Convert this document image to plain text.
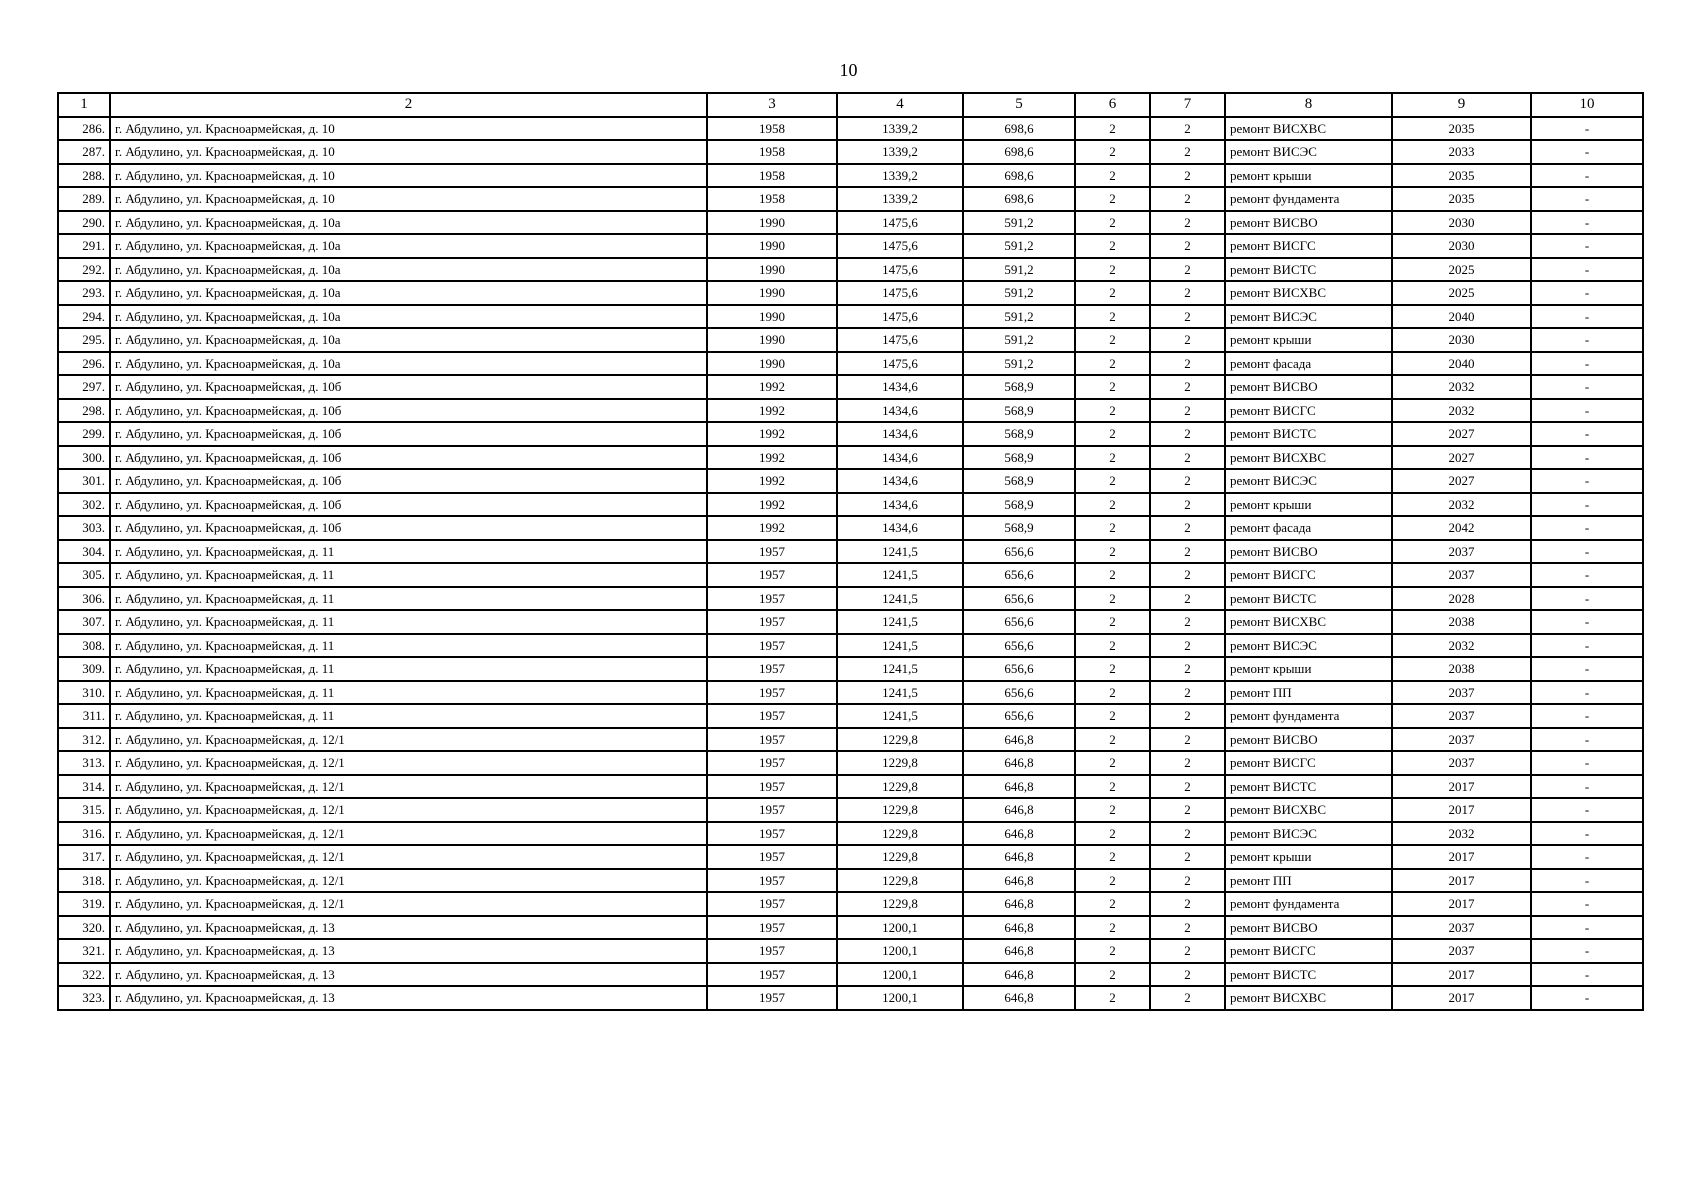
10
1	2	3	4	5	6	7	8	9	10
286.	г. Абдулино, ул. Красноармейская, д. 10	1958	1339,2	698,6	2	2	ремонт ВИСХВС	2035	-
287.	г. Абдулино, ул. Красноармейская, д. 10	1958	1339,2	698,6	2	2	ремонт ВИСЭС	2033	-
288.	г. Абдулино, ул. Красноармейская, д. 10	1958	1339,2	698,6	2	2	ремонт крыши	2035	-
289.	г. Абдулино, ул. Красноармейская, д. 10	1958	1339,2	698,6	2	2	ремонт фундамента	2035	-
290.	г. Абдулино, ул. Красноармейская, д. 10а	1990	1475,6	591,2	2	2	ремонт ВИСВО	2030	-
291.	г. Абдулино, ул. Красноармейская, д. 10а	1990	1475,6	591,2	2	2	ремонт ВИСГС	2030	-
292.	г. Абдулино, ул. Красноармейская, д. 10а	1990	1475,6	591,2	2	2	ремонт ВИСТС	2025	-
293.	г. Абдулино, ул. Красноармейская, д. 10а	1990	1475,6	591,2	2	2	ремонт ВИСХВС	2025	-
294.	г. Абдулино, ул. Красноармейская, д. 10а	1990	1475,6	591,2	2	2	ремонт ВИСЭС	2040	-
295.	г. Абдулино, ул. Красноармейская, д. 10а	1990	1475,6	591,2	2	2	ремонт крыши	2030	-
296.	г. Абдулино, ул. Красноармейская, д. 10а	1990	1475,6	591,2	2	2	ремонт фасада	2040	-
297.	г. Абдулино, ул. Красноармейская, д. 10б	1992	1434,6	568,9	2	2	ремонт ВИСВО	2032	-
298.	г. Абдулино, ул. Красноармейская, д. 10б	1992	1434,6	568,9	2	2	ремонт ВИСГС	2032	-
299.	г. Абдулино, ул. Красноармейская, д. 10б	1992	1434,6	568,9	2	2	ремонт ВИСТС	2027	-
300.	г. Абдулино, ул. Красноармейская, д. 10б	1992	1434,6	568,9	2	2	ремонт ВИСХВС	2027	-
301.	г. Абдулино, ул. Красноармейская, д. 10б	1992	1434,6	568,9	2	2	ремонт ВИСЭС	2027	-
302.	г. Абдулино, ул. Красноармейская, д. 10б	1992	1434,6	568,9	2	2	ремонт крыши	2032	-
303.	г. Абдулино, ул. Красноармейская, д. 10б	1992	1434,6	568,9	2	2	ремонт фасада	2042	-
304.	г. Абдулино, ул. Красноармейская, д. 11	1957	1241,5	656,6	2	2	ремонт ВИСВО	2037	-
305.	г. Абдулино, ул. Красноармейская, д. 11	1957	1241,5	656,6	2	2	ремонт ВИСГС	2037	-
306.	г. Абдулино, ул. Красноармейская, д. 11	1957	1241,5	656,6	2	2	ремонт ВИСТС	2028	-
307.	г. Абдулино, ул. Красноармейская, д. 11	1957	1241,5	656,6	2	2	ремонт ВИСХВС	2038	-
308.	г. Абдулино, ул. Красноармейская, д. 11	1957	1241,5	656,6	2	2	ремонт ВИСЭС	2032	-
309.	г. Абдулино, ул. Красноармейская, д. 11	1957	1241,5	656,6	2	2	ремонт крыши	2038	-
310.	г. Абдулино, ул. Красноармейская, д. 11	1957	1241,5	656,6	2	2	ремонт ПП	2037	-
311.	г. Абдулино, ул. Красноармейская, д. 11	1957	1241,5	656,6	2	2	ремонт фундамента	2037	-
312.	г. Абдулино, ул. Красноармейская, д. 12/1	1957	1229,8	646,8	2	2	ремонт ВИСВО	2037	-
313.	г. Абдулино, ул. Красноармейская, д. 12/1	1957	1229,8	646,8	2	2	ремонт ВИСГС	2037	-
314.	г. Абдулино, ул. Красноармейская, д. 12/1	1957	1229,8	646,8	2	2	ремонт ВИСТС	2017	-
315.	г. Абдулино, ул. Красноармейская, д. 12/1	1957	1229,8	646,8	2	2	ремонт ВИСХВС	2017	-
316.	г. Абдулино, ул. Красноармейская, д. 12/1	1957	1229,8	646,8	2	2	ремонт ВИСЭС	2032	-
317.	г. Абдулино, ул. Красноармейская, д. 12/1	1957	1229,8	646,8	2	2	ремонт крыши	2017	-
318.	г. Абдулино, ул. Красноармейская, д. 12/1	1957	1229,8	646,8	2	2	ремонт ПП	2017	-
319.	г. Абдулино, ул. Красноармейская, д. 12/1	1957	1229,8	646,8	2	2	ремонт фундамента	2017	-
320.	г. Абдулино, ул. Красноармейская, д. 13	1957	1200,1	646,8	2	2	ремонт ВИСВО	2037	-
321.	г. Абдулино, ул. Красноармейская, д. 13	1957	1200,1	646,8	2	2	ремонт ВИСГС	2037	-
322.	г. Абдулино, ул. Красноармейская, д. 13	1957	1200,1	646,8	2	2	ремонт ВИСТС	2017	-
323.	г. Абдулино, ул. Красноармейская, д. 13	1957	1200,1	646,8	2	2	ремонт ВИСХВС	2017	-
